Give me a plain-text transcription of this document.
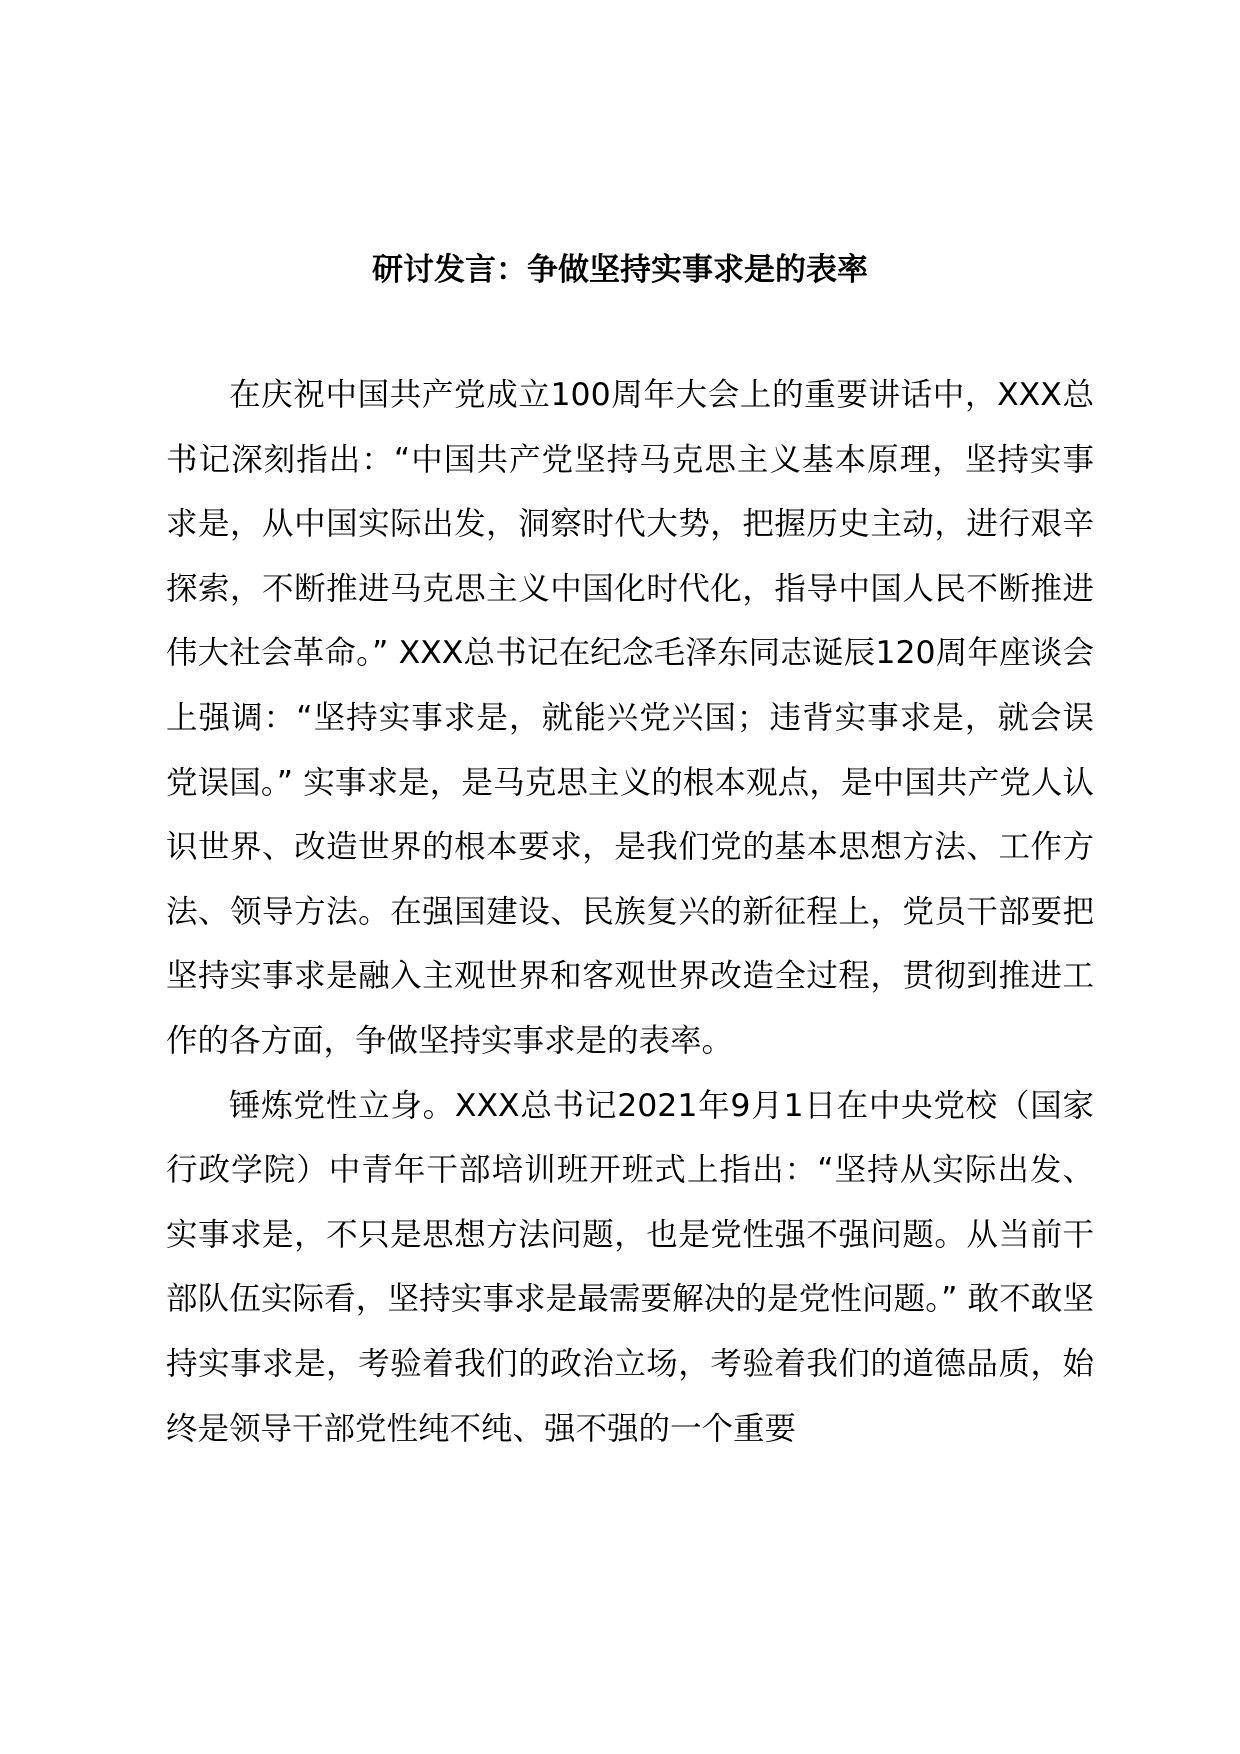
研讨发言：争做坚持实事求是的表率

在庆祝中国共产党成立100周年大会上的重要讲话中，XXX总书记深刻指出：“中国共产党坚持马克思主义基本原理，坚持实事求是，从中国实际出发，洞察时代大势，把握历史主动，进行艰辛探索，不断推进马克思主义中国化时代化，指导中国人民不断推进伟大社会革命。” XXX总书记在纪念毛泽东同志诞辰120周年座谈会上强调：“坚持实事求是，就能兴党兴国；违背实事求是，就会误党误国。” 实事求是，是马克思主义的根本观点，是中国共产党人认识世界、改造世界的根本要求，是我们党的基本思想方法、工作方法、领导方法。在强国建设、民族复兴的新征程上，党员干部要把坚持实事求是融入主观世界和客观世界改造全过程，贯彻到推进工作的各方面，争做坚持实事求是的表率。

锤炼党性立身。XXX总书记2021年9月1日在中央党校（国家行政学院）中青年干部培训班开班式上指出：“坚持从实际出发、实事求是，不只是思想方法问题，也是党性强不强问题。从当前干部队伍实际看，坚持实事求是最需要解决的是党性问题。” 敢不敢坚持实事求是，考验着我们的政治立场，考验着我们的道德品质，始终是领导干部党性纯不纯、强不强的一个重要
